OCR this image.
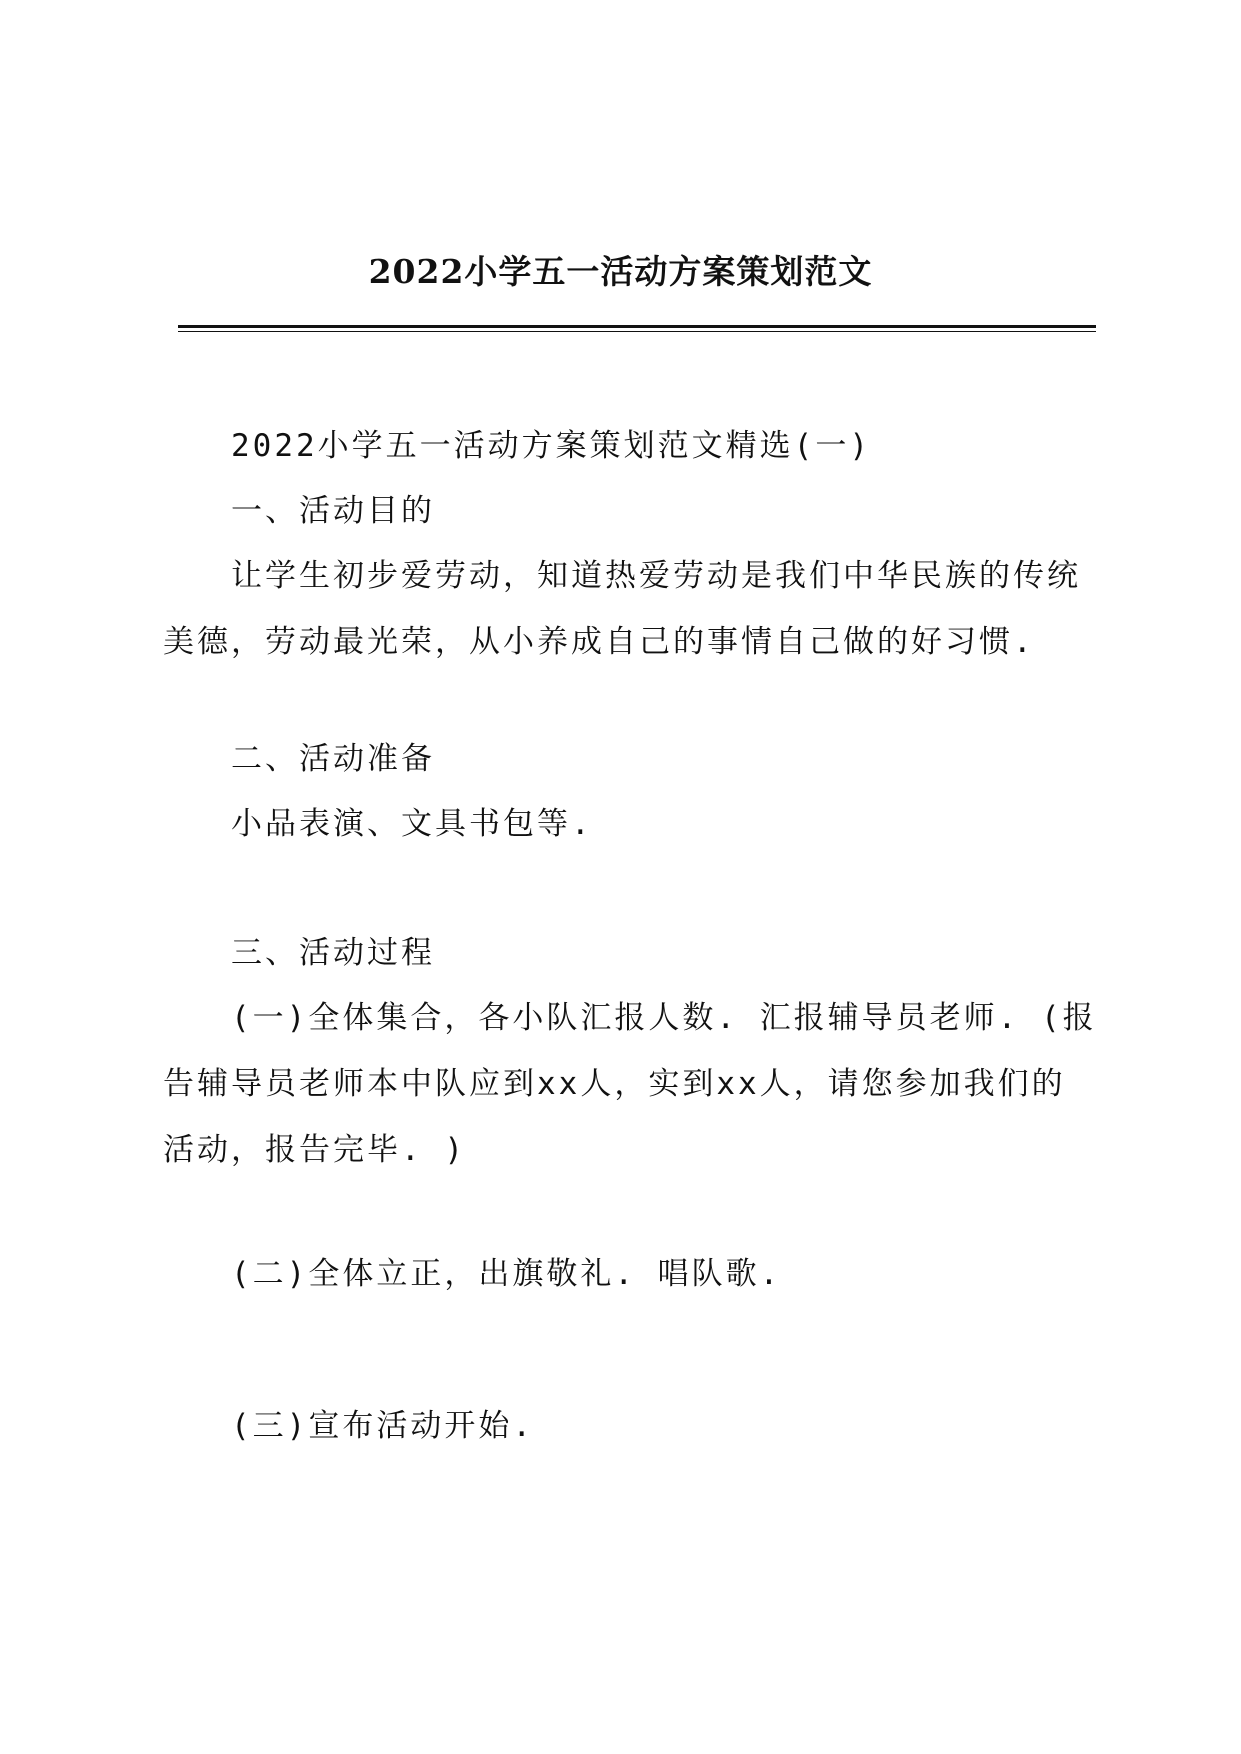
2022小学五一活动方案策划范文

2022小学五一活动方案策划范文精选(一)

一、活动目的

让学生初步爱劳动，知道热爱劳动是我们中华民族的传统美德，劳动最光荣，从小养成自己的事情自己做的好习惯.

二、活动准备

小品表演、文具书包等.

三、活动过程

(一)全体集合，各小队汇报人数. 汇报辅导员老师. (报告辅导员老师本中队应到xx人，实到xx人，请您参加我们的活动，报告完毕. )

(二)全体立正，出旗敬礼. 唱队歌.

(三)宣布活动开始.
